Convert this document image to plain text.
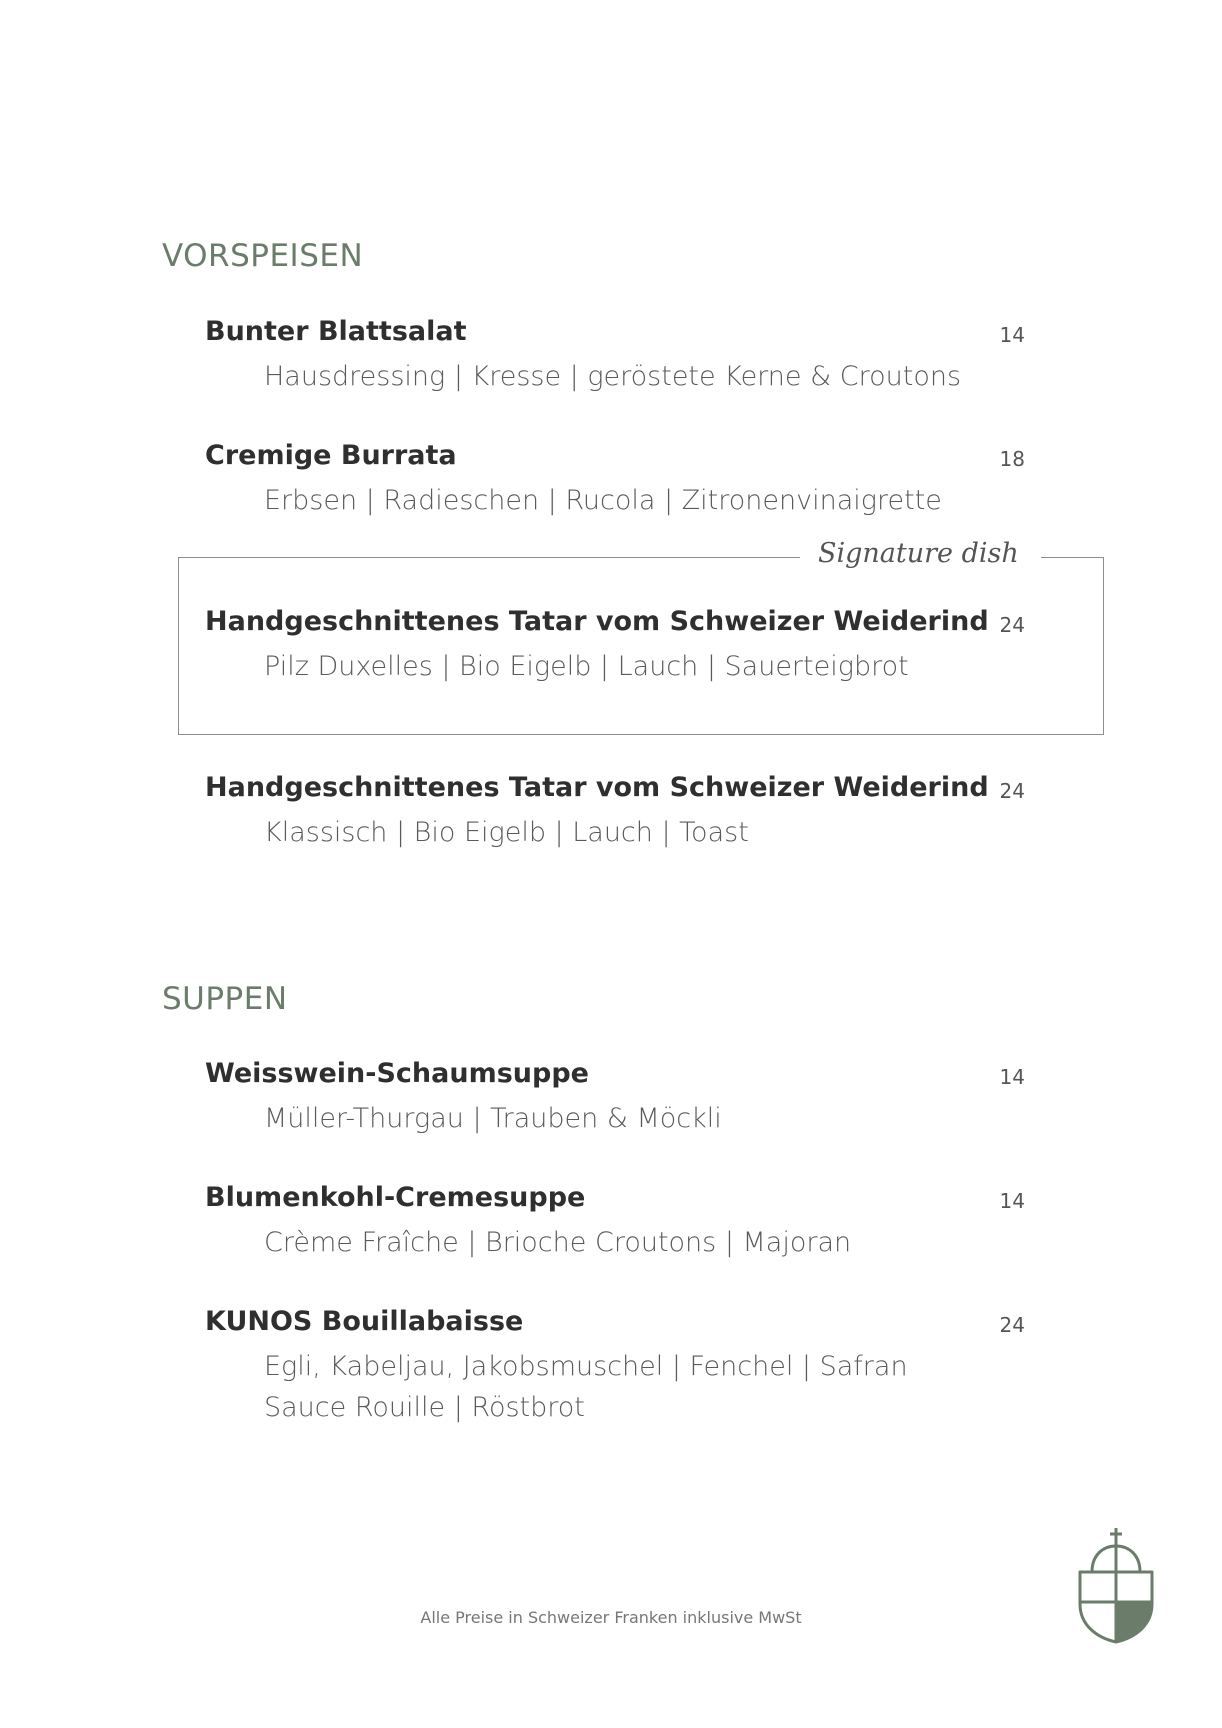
VORSPEISEN
Bunter Blattsalat	14
Hausdressing | Kresse | geröstete Kerne & Croutons
Cremige Burrata	18
Erbsen | Radieschen | Rucola | Zitronenvinaigrette
Signature dish
Handgeschnittenes Tatar vom Schweizer Weiderind 24
Pilz Duxelles | Bio Eigelb | Lauch | Sauerteigbrot
Handgeschnittenes Tatar vom Schweizer Weiderind 24
Klassisch | Bio Eigelb | Lauch | Toast
SUPPEN
Weisswein-Schaumsuppe	14
Müller-Thurgau | Trauben & Möckli
Blumenkohl-Cremesuppe	14
Crème Fraîche | Brioche Croutons | Majoran
KUNOS Bouillabaisse	24
Egli, Kabeljau, Jakobsmuschel | Fenchel | Safran
Sauce Rouille | Röstbrot
Alle Preise in Schweizer Franken inklusive MwSt
